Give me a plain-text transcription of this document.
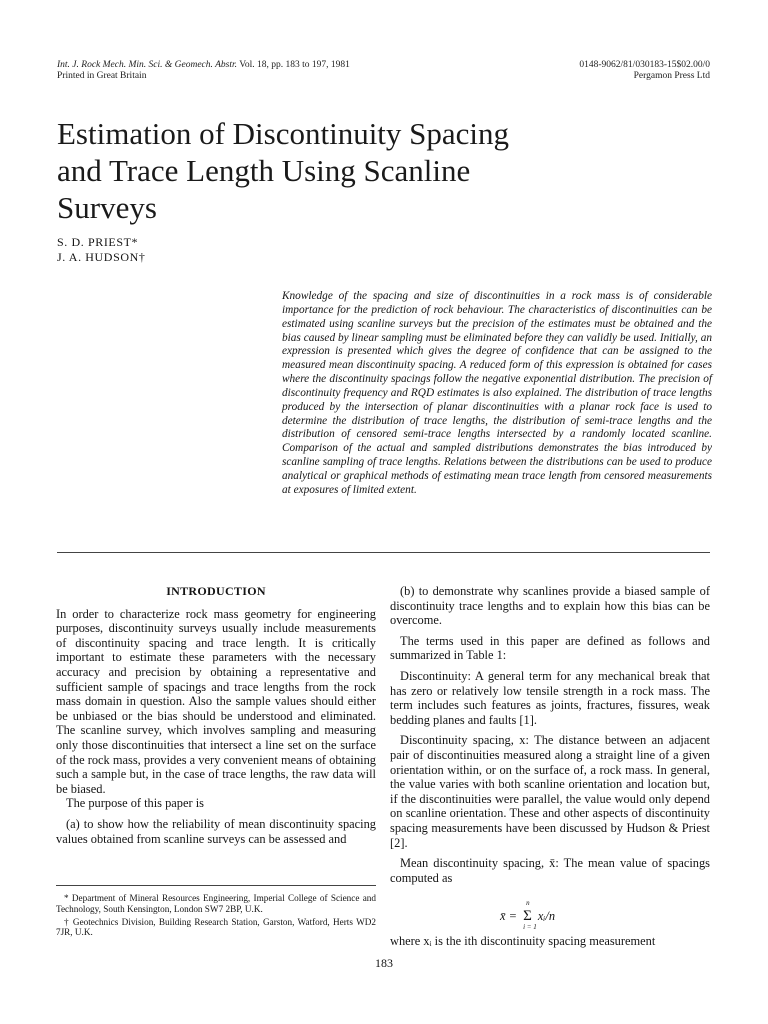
Int. J. Rock Mech. Min. Sci. & Geomech. Abstr. Vol. 18, pp. 183 to 197, 1981
Printed in Great Britain
0148-9062/81/030183-15$02.00/0
Pergamon Press Ltd
Estimation of Discontinuity Spacing
and Trace Length Using Scanline
Surveys
S. D. PRIEST*
J. A. HUDSON†
Knowledge of the spacing and size of discontinuities in a rock mass is of considerable importance for the prediction of rock behaviour. The characteristics of discontinuities can be estimated using scanline surveys but the precision of the estimates must be obtained and the bias caused by linear sampling must be eliminated before they can validly be used. Initially, an expression is presented which gives the degree of confidence that can be assigned to the measured mean discontinuity spacing. A reduced form of this expression is obtained for cases where the discontinuity spacings follow the negative exponential distribution. The precision of discontinuity frequency and RQD estimates is also explained. The distribution of trace lengths produced by the intersection of planar discontinuities with a planar rock face is used to determine the distribution of trace lengths, the distribution of semi-trace lengths and the distribution of censored semi-trace lengths intersected by a randomly located scanline. Comparison of the actual and sampled distributions demonstrates the bias introduced by scanline sampling of trace lengths. Relations between the distributions can be used to produce analytical or graphical methods of estimating mean trace length from censored measurements at exposures of limited extent.
INTRODUCTION

In order to characterize rock mass geometry for engineering purposes, discontinuity surveys usually include measurements of discontinuity spacing and trace length. It is critically important to estimate these parameters with the necessary accuracy and precision by obtaining a representative and sufficient sample of spacings and trace lengths from the rock mass domain in question. Also the sample values should either be unbiased or the bias should be understood and eliminated. The scanline survey, which involves sampling and measuring only those discontinuities that intersect a line set on the surface of the rock mass, provides a very convenient means of obtaining such a sample but, in the case of trace lengths, the raw data will be biased.

The purpose of this paper is

(a) to show how the reliability of mean discontinuity spacing values obtained from scanline surveys can be assessed and

* Department of Mineral Resources Engineering, Imperial College of Science and Technology, South Kensington, London SW7 2BP, U.K.

† Geotechnics Division, Building Research Station, Garston, Watford, Herts WD2 7JR, U.K.

(b) to demonstrate why scanlines provide a biased sample of discontinuity trace lengths and to explain how this bias can be overcome.

The terms used in this paper are defined as follows and summarized in Table 1:

Discontinuity: A general term for any mechanical break that has zero or relatively low tensile strength in a rock mass. The term includes such features as joints, fractures, fissures, weak bedding planes and faults [1].

Discontinuity spacing, x: The distance between an adjacent pair of discontinuities measured along a straight line of a given orientation within, or on the surface of, a rock mass. In general, the value varies with both scanline orientation and location but, if the discontinuities were parallel, the value would only depend on scanline orientation. These and other aspects of discontinuity spacing measurements have been discussed by Hudson & Priest [2].

Mean discontinuity spacing, x̄: The mean value of spacings computed as

x̄ =
n
Σ
i = 1
xᵢ/n
where xᵢ is the ith discontinuity spacing measurement
183
